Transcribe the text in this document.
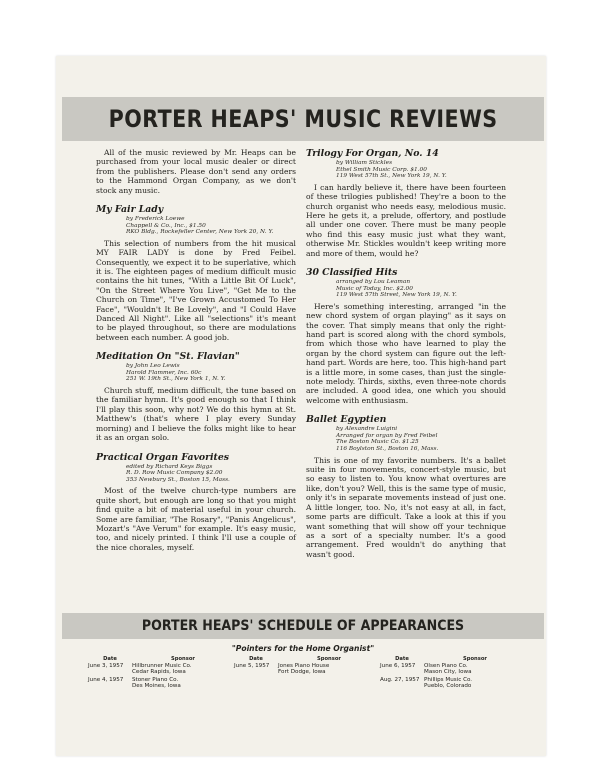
PORTER HEAPS' MUSIC REVIEWS

All of the music reviewed by Mr. Heaps can be purchased from your local music dealer or direct from the publishers. Please don't send any orders to the Hammond Organ Company, as we don't stock any music.

My Fair Lady
by Frederick Loewe
Chappell & Co., Inc., $1.50
RKO Bldg., Rockefeller Center, New York 20, N. Y.

This selection of numbers from the hit musical MY FAIR LADY is done by Fred Feibel. Consequently, we expect it to be superlative, which it is. The eighteen pages of medium difficult music contains the hit tunes, "With a Little Bit Of Luck", "On the Street Where You Live", "Get Me to the Church on Time", "I've Grown Accustomed To Her Face", "Wouldn't It Be Lovely", and "I Could Have Danced All Night". Like all "selections" it's meant to be played throughout, so there are modulations between each number. A good job.

Meditation On "St. Flavian"
by John Leo Lewis
Harold Flammer, Inc. 60c
251 W. 19th St., New York 1, N. Y.

Church stuff, medium difficult, the tune based on the familiar hymn. It's good enough so that I think I'll play this soon, why not? We do this hymn at St. Matthew's (that's where I play every Sunday morning) and I believe the folks might like to hear it as an organ solo.

Practical Organ Favorites
edited by Richard Keys Biggs
R. D. Row Music Company $2.00
353 Newbury St., Boston 15, Mass.

Most of the twelve church-type numbers are quite short, but enough are long so that you might find quite a bit of material useful in your church. Some are familiar, "The Rosary", "Panis Angelicus", Mozart's "Ave Verum" for example. It's easy music, too, and nicely printed. I think I'll use a couple of the nice chorales, myself.

Trilogy For Organ, No. 14
by William Stickles
Ethel Smith Music Corp. $1.00
119 West 57th St., New York 19, N. Y.

I can hardly believe it, there have been fourteen of these trilogies published! They're a boon to the church organist who needs easy, melodious music. Here he gets it, a prelude, offertory, and postlude all under one cover. There must be many people who find this easy music just what they want, otherwise Mr. Stickles wouldn't keep writing more and more of them, would he?

30 Classified Hits
arranged by Lou Leaman
Music of Today, Inc. $2.00
119 West 57th Street, New York 19, N. Y.

Here's something interesting, arranged "in the new chord system of organ playing" as it says on the cover. That simply means that only the right-hand part is scored along with the chord symbols, from which those who have learned to play the organ by the chord system can figure out the left-hand part. Words are here, too. This high-hand part is a little more, in some cases, than just the single-note melody. Thirds, sixths, even three-note chords are included. A good idea, one which you should welcome with enthusiasm.

Ballet Egyptien
by Alexandre Luigini
Arranged for organ by Fred Feibel
The Boston Music Co. $1.25
116 Boylston St., Boston 16, Mass.

This is one of my favorite numbers. It's a ballet suite in four movements, concert-style music, but so easy to listen to. You know what overtures are like, don't you? Well, this is the same type of music, only it's in separate movements instead of just one. A little longer, too. No, it's not easy at all, in fact, some parts are difficult. Take a look at this if you want something that will show off your technique as a sort of a specialty number. It's a good arrangement. Fred wouldn't do anything that wasn't good.

PORTER HEAPS' SCHEDULE OF APPEARANCES
"Pointers for the Home Organist"
Date	Sponsor
June 3, 1957	Hillbrunner Music Co.
Cedar Rapids, Iowa
June 4, 1957	Stoner Piano Co.
Des Moines, Iowa
Date	Sponsor
June 5, 1957	Jones Piano House
Fort Dodge, Iowa
Date	Sponsor
June 6, 1957	Olsen Piano Co.
Mason City, Iowa
Aug. 27, 1957 Phillips Music Co.
Pueblo, Colorado
